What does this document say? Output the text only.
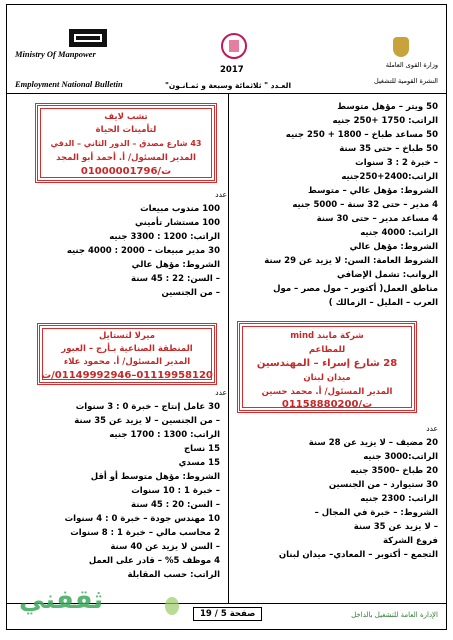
Ministry Of Manpower
Employment National Bulletin
2017
العـدد " ثلاثمائة وسبعة و ثمـانـون"
وزارة القوى العاملة
النشرة القومية للتشغيل
50 ويتر – مؤهل متوسط
الراتب: 1750 +250 جنيه
50 مساعد طباخ – 1800 + 250 جنيه
50 طباخ – حتى 35 سنة
– خبرة 2 : 3 سنوات
الراتب:2400+250جنيه
الشروط: مؤهل عالي – متوسط
4 مدير – حتى 32 سنة – 5000 جنيه
4 مساعد مدير – حتى 30 سنة
الراتب: 4000 جنيه
الشروط: مؤهل عالي
الشروط العامة: السن: لا يزيد عن 29 سنة
الروانب: تشمل الإضافي
مناطق العمل( أكتوبر – مول مصر – مول
العرب – المليل – الزمالك )
شركة مايند mind
للمطاعم
28 شارع إسراء – المهندسين
ميدان لبنان
المدير المسئول/ أ. محمد حسين
ت/01158880200
عدد
20 مضيف – لا يزيد عن 28 سنة
الراتب:3000 جنيه
20 طباخ –3500 جنيه
30 ستيوارد – من الجنسين
الراتب: 2300 جنيه
الشروط: – خبرة في المجال –
– لا يزيد عن 35 سنة
فروع الشركة
التجمع – أكتوبر – المعادي– ميدان لبنان
تشب لايف
لتأمينات الحياة
43 شارع مصدق – الدور الثاني – الدقي
المدير المسئول/ أ. أحمد أبو المجد
ت/01000001796
عدد
100 مندوب مبيعات
100 مستشار تأميني
الراتب: 1200 : 3300 جنيه
30 مدير مبيعات – 2000 : 4000 جنيه
الشروط: مؤهل عالي
– السن: 22 : 45 سنة
– من الجنسين
ميرلا لتستايل
المنطقة الصناعية بـأرج – العبور
المدير المسئول/ أ. محمود علاء
01119958120–01149992946/ت
عدد
30 عامل إنتاج – خبرة 0 : 3 سنوات
– من الجنسين – لا يزيد عن 35 سنة
الراتب: 1300 : 1700 جنيه
15 نساج
15 مسدي
الشروط: مؤهل متوسط أو أقل
– خبرة 1 : 10 سنوات
– السن: 20 : 45 سنة
10 مهندس جودة – خبرة 0 : 4 سنوات
2 محاسب مالي – خبرة 1 : 8 سنوات
– السن لا يزيد عن 40 سنة
4 موظف 5% – قادر على العمل
الراتب: حسب المقابلة
ثقفني	صفحة 5 / 19	الإدارة العامة للتشغيل بالداخل
